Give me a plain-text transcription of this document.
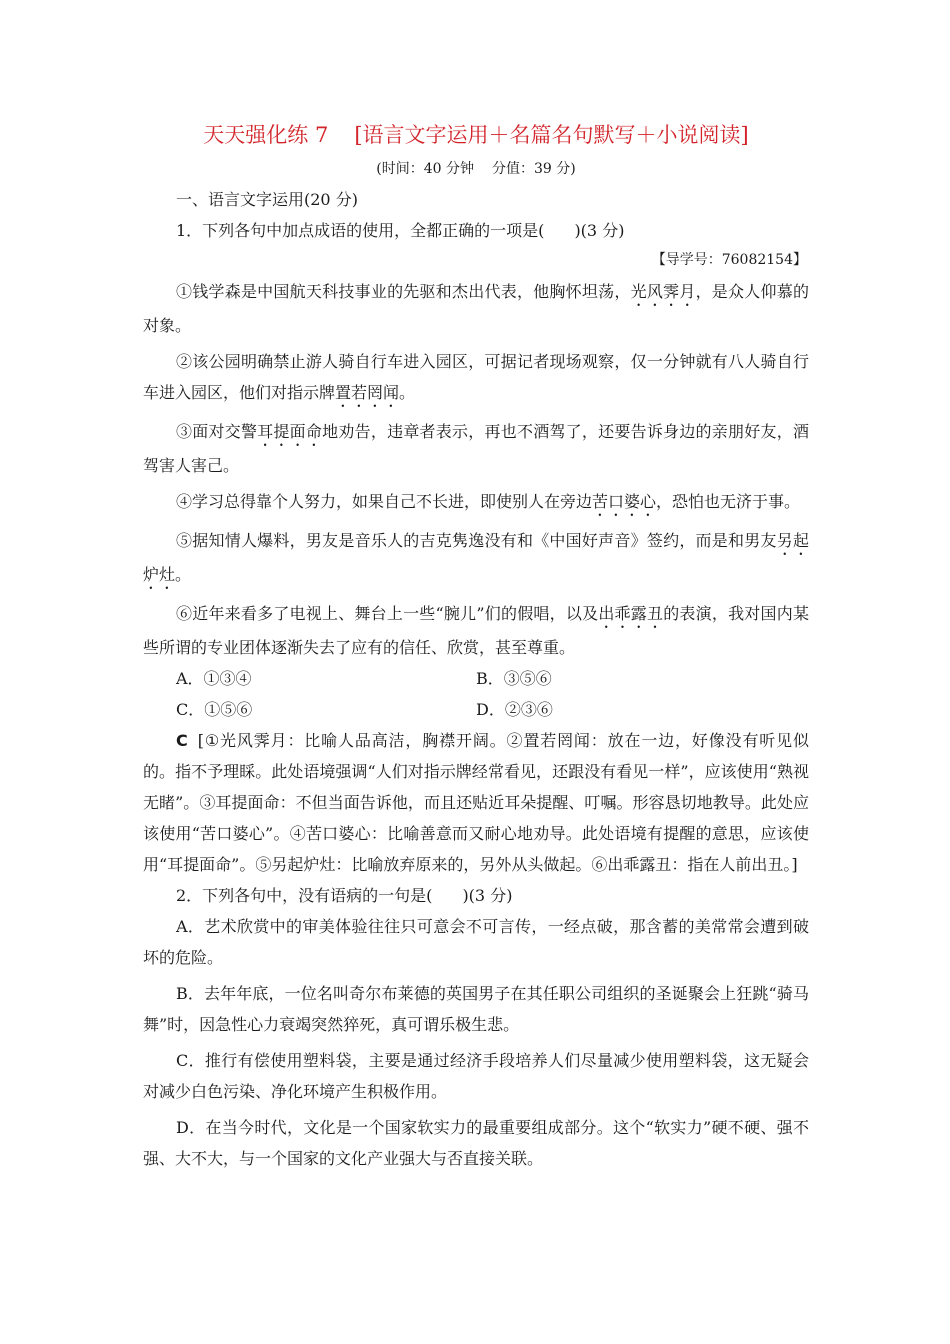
天天强化练 7 [语言文字运用＋名篇名句默写＋小说阅读]
(时间：40 分钟 分值：39 分)

一、语言文字运用(20 分)

1．下列各句中加点成语的使用，全都正确的一项是( )(3 分)

【导学号：76082154】

①钱学森是中国航天科技事业的先驱和杰出代表，他胸怀坦荡，光风霁月，是众人仰慕的对象。

②该公园明确禁止游人骑自行车进入园区，可据记者现场观察，仅一分钟就有八人骑自行车进入园区，他们对指示牌置若罔闻。

③面对交警耳提面命地劝告，违章者表示，再也不酒驾了，还要告诉身边的亲朋好友，酒驾害人害己。

④学习总得靠个人努力，如果自己不长进，即使别人在旁边苦口婆心，恐怕也无济于事。

⑤据知情人爆料，男友是音乐人的吉克隽逸没有和《中国好声音》签约，而是和男友另起炉灶。

⑥近年来看多了电视上、舞台上一些“腕儿”们的假唱，以及出乖露丑的表演，我对国内某些所谓的专业团体逐渐失去了应有的信任、欣赏，甚至尊重。

A．①③④	B．③⑤⑥
C．①⑤⑥	D．②③⑥

C [①光风霁月：比喻人品高洁，胸襟开阔。②置若罔闻：放在一边，好像没有听见似的。指不予理睬。此处语境强调“人们对指示牌经常看见，还跟没有看见一样”，应该使用“熟视无睹”。③耳提面命：不但当面告诉他，而且还贴近耳朵提醒、叮嘱。形容恳切地教导。此处应该使用“苦口婆心”。④苦口婆心：比喻善意而又耐心地劝导。此处语境有提醒的意思，应该使用“耳提面命”。⑤另起炉灶：比喻放弃原来的，另外从头做起。⑥出乖露丑：指在人前出丑。]

2．下列各句中，没有语病的一句是( )(3 分)

A．艺术欣赏中的审美体验往往只可意会不可言传，一经点破，那含蓄的美常常会遭到破坏的危险。

B．去年年底，一位名叫奇尔布莱德的英国男子在其任职公司组织的圣诞聚会上狂跳“骑马舞”时，因急性心力衰竭突然猝死，真可谓乐极生悲。

C．推行有偿使用塑料袋，主要是通过经济手段培养人们尽量减少使用塑料袋，这无疑会对减少白色污染、净化环境产生积极作用。

D．在当今时代，文化是一个国家软实力的最重要组成部分。这个“软实力”硬不硬、强不强、大不大，与一个国家的文化产业强大与否直接关联。
